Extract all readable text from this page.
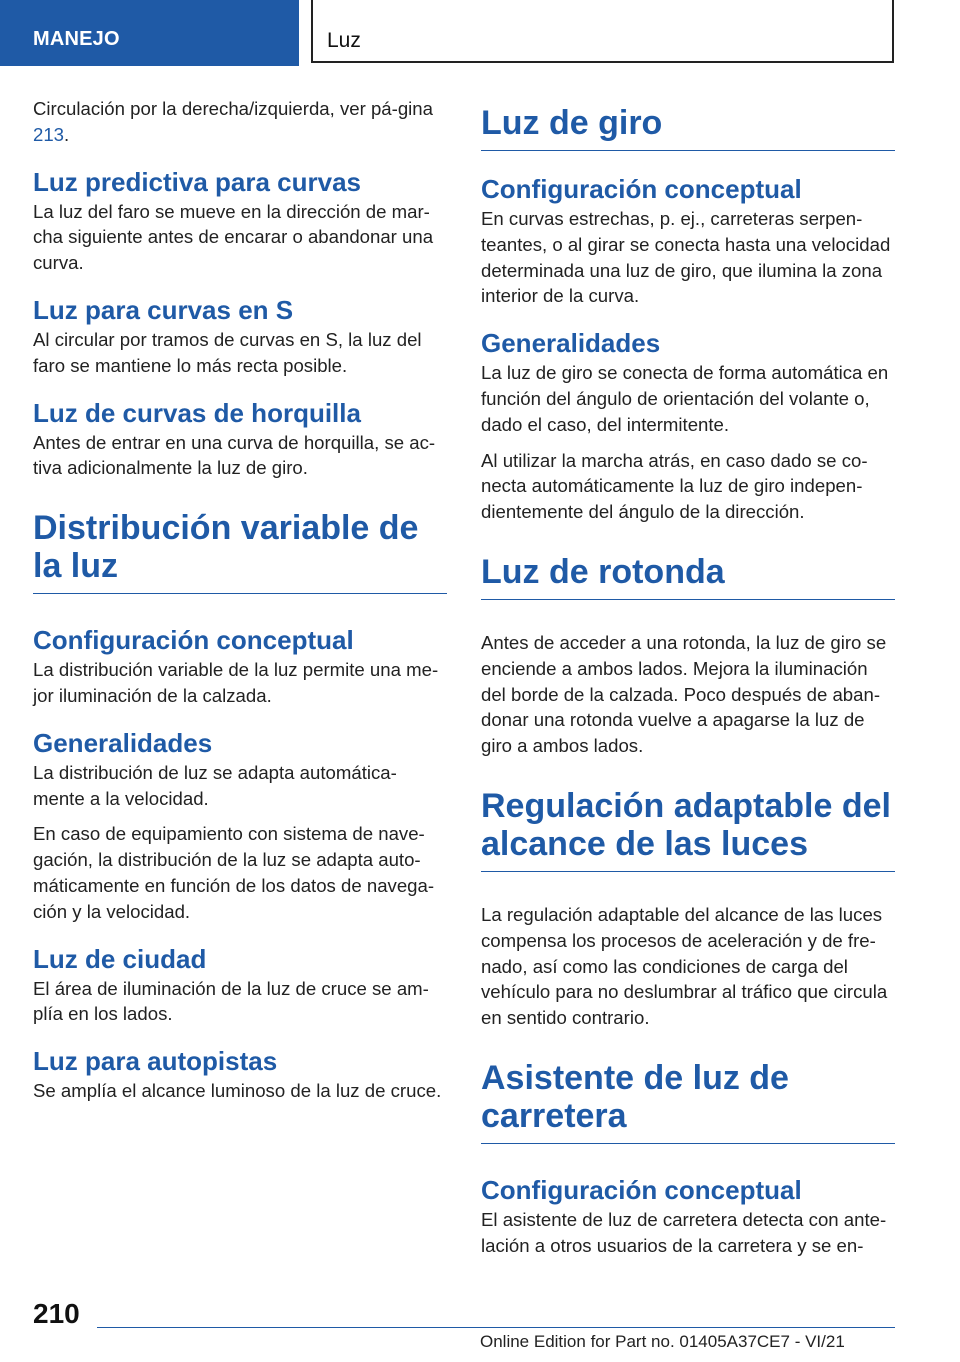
MANEJO	Luz

Circulación por la derecha/izquierda, ver pá-gina 213.

Luz predictiva para curvas

La luz del faro se mueve en la dirección de mar-cha siguiente antes de encarar o abandonar una curva.

Luz para curvas en S

Al circular por tramos de curvas en S, la luz del faro se mantiene lo más recta posible.

Luz de curvas de horquilla

Antes de entrar en una curva de horquilla, se ac-tiva adicionalmente la luz de giro.

Distribución variable de la luz
Configuración conceptual

La distribución variable de la luz permite una me-jor iluminación de la calzada.

Generalidades

La distribución de luz se adapta automática-mente a la velocidad.

En caso de equipamiento con sistema de nave-gación, la distribución de la luz se adapta auto-máticamente en función de los datos de navega-ción y la velocidad.

Luz de ciudad

El área de iluminación de la luz de cruce se am-plía en los lados.

Luz para autopistas

Se amplía el alcance luminoso de la luz de cruce.

Luz de giro
Configuración conceptual

En curvas estrechas, p. ej., carreteras serpen-teantes, o al girar se conecta hasta una velocidad determinada una luz de giro, que ilumina la zona interior de la curva.

Generalidades

La luz de giro se conecta de forma automática en función del ángulo de orientación del volante o, dado el caso, del intermitente.

Al utilizar la marcha atrás, en caso dado se co-necta automáticamente la luz de giro indepen-dientemente del ángulo de la dirección.

Luz de rotonda

Antes de acceder a una rotonda, la luz de giro se enciende a ambos lados. Mejora la iluminación del borde de la calzada. Poco después de aban-donar una rotonda vuelve a apagarse la luz de giro a ambos lados.

Regulación adaptable del alcance de las luces

La regulación adaptable del alcance de las luces compensa los procesos de aceleración y de fre-nado, así como las condiciones de carga del vehículo para no deslumbrar al tráfico que circula en sentido contrario.

Asistente de luz de carretera
Configuración conceptual

El asistente de luz de carretera detecta con ante-lación a otros usuarios de la carretera y se en-

210
Online Edition for Part no. 01405A37CE7 - VI/21
